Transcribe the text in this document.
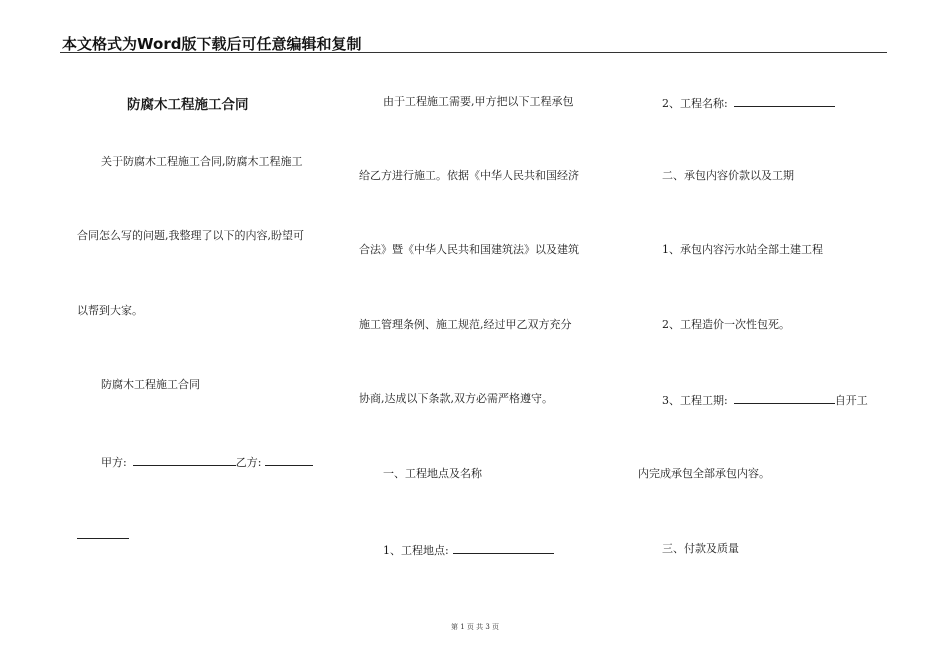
本文格式为Word版下载后可任意编辑和复制
防腐木工程施工合同
关于防腐木工程施工合同,防腐木工程施工
合同怎么写的问题,我整理了以下的内容,盼望可
以帮到大家。
防腐木工程施工合同
甲方:	乙方:
由于工程施工需要,甲方把以下工程承包
给乙方进行施工。依据《中华人民共和国经济
合法》暨《中华人民共和国建筑法》以及建筑
施工管理条例、施工规范,经过甲乙双方充分
协商,达成以下条款,双方必需严格遵守。
一、工程地点及名称
1、工程地点:
2、工程名称:
二、承包内容价款以及工期
1、承包内容污水站全部土建工程
2、工程造价一次性包死。
3、工程工期:	自开工
内完成承包全部承包内容。
三、付款及质量
第 1 页 共 3 页
